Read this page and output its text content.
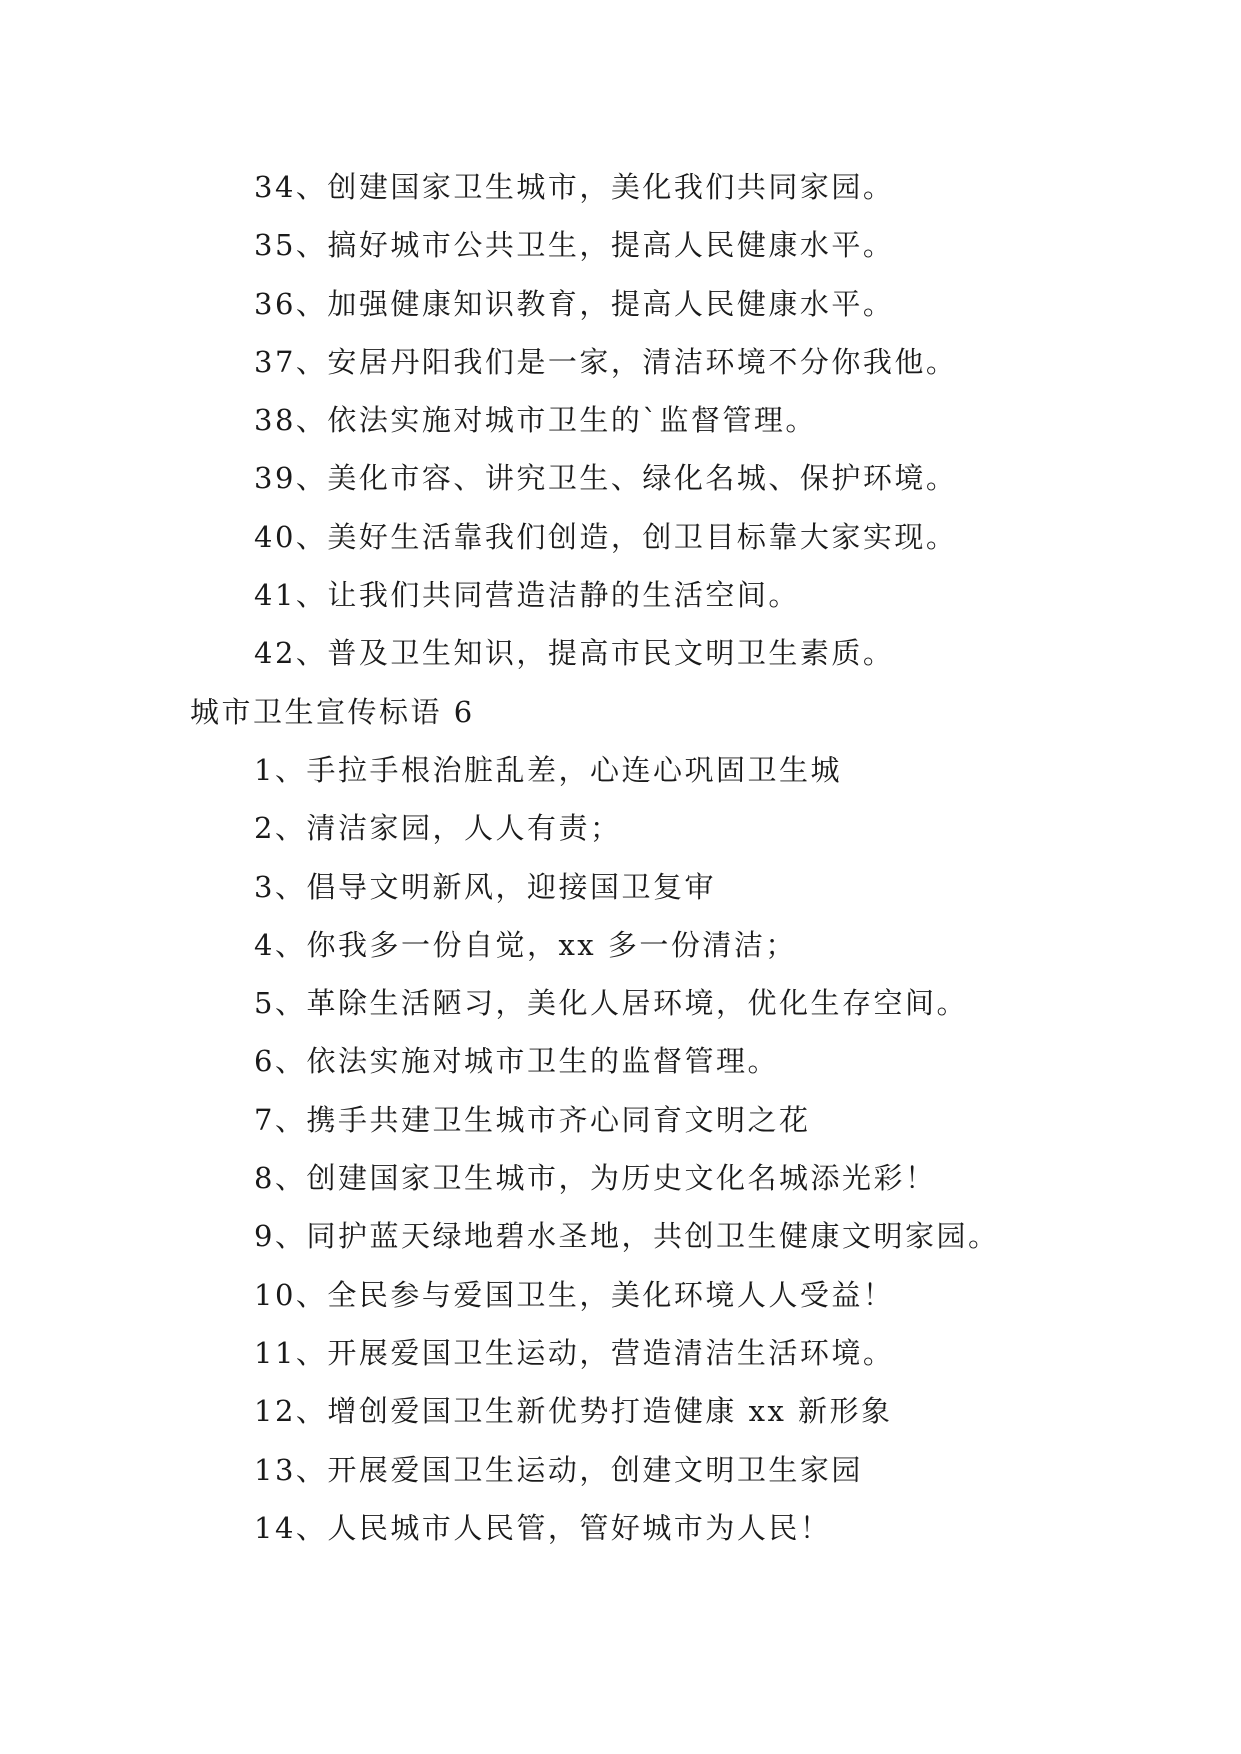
34、创建国家卫生城市，美化我们共同家园。
35、搞好城市公共卫生，提高人民健康水平。
36、加强健康知识教育，提高人民健康水平。
37、安居丹阳我们是一家，清洁环境不分你我他。
38、依法实施对城市卫生的`监督管理。
39、美化市容、讲究卫生、绿化名城、保护环境。
40、美好生活靠我们创造，创卫目标靠大家实现。
41、让我们共同营造洁静的生活空间。
42、普及卫生知识，提高市民文明卫生素质。
城市卫生宣传标语 6
1、手拉手根治脏乱差，心连心巩固卫生城
2、清洁家园，人人有责；
3、倡导文明新风，迎接国卫复审
4、你我多一份自觉，xx 多一份清洁；
5、革除生活陋习，美化人居环境，优化生存空间。
6、依法实施对城市卫生的监督管理。
7、携手共建卫生城市齐心同育文明之花
8、创建国家卫生城市，为历史文化名城添光彩！
9、同护蓝天绿地碧水圣地，共创卫生健康文明家园。
10、全民参与爱国卫生，美化环境人人受益！
11、开展爱国卫生运动，营造清洁生活环境。
12、增创爱国卫生新优势打造健康 xx 新形象
13、开展爱国卫生运动，创建文明卫生家园
14、人民城市人民管，管好城市为人民！
